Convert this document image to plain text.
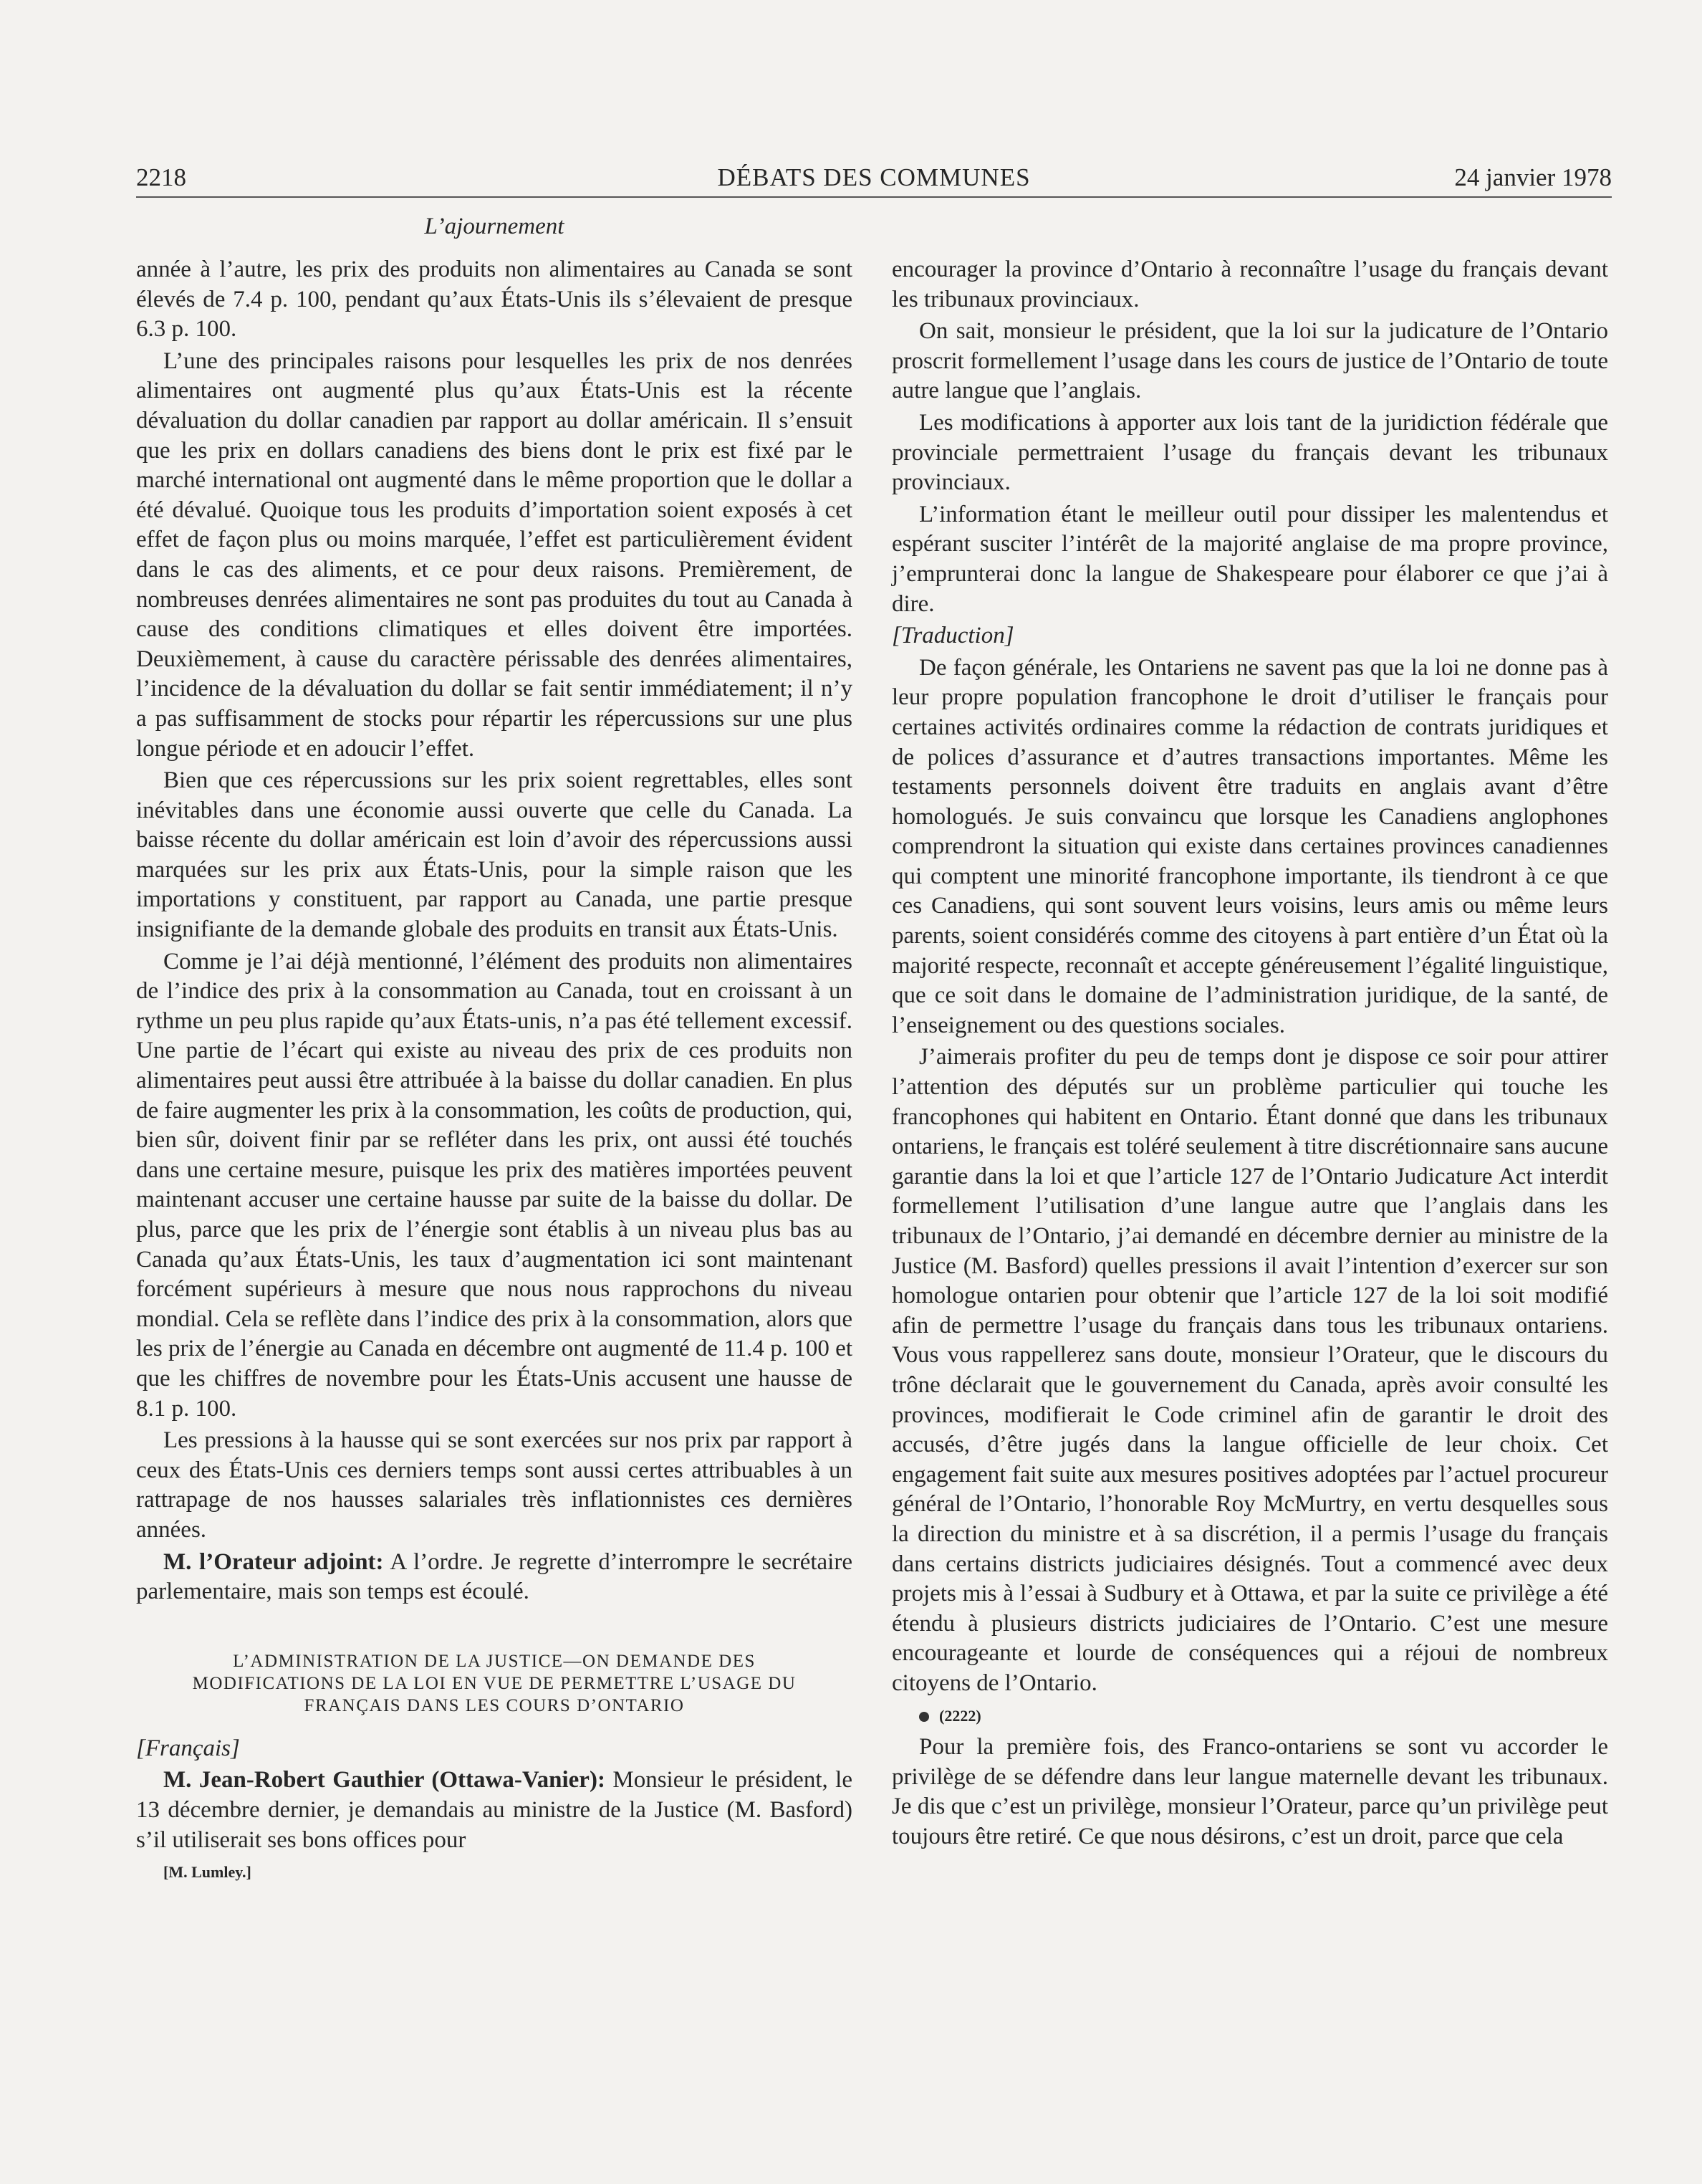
2218	DÉBATS DES COMMUNES	24 janvier 1978
L’ajournement

année à l’autre, les prix des produits non alimentaires au Canada se sont élevés de 7.4 p. 100, pendant qu’aux États-Unis ils s’élevaient de presque 6.3 p. 100.

L’une des principales raisons pour lesquelles les prix de nos denrées alimentaires ont augmenté plus qu’aux États-Unis est la récente dévaluation du dollar canadien par rapport au dollar américain. Il s’ensuit que les prix en dollars canadiens des biens dont le prix est fixé par le marché international ont augmenté dans le même proportion que le dollar a été dévalué. Quoique tous les produits d’importation soient exposés à cet effet de façon plus ou moins marquée, l’effet est particulièrement évident dans le cas des aliments, et ce pour deux raisons. Premièrement, de nombreuses denrées alimentaires ne sont pas produites du tout au Canada à cause des conditions climatiques et elles doivent être importées. Deuxièmement, à cause du caractère périssable des denrées alimentaires, l’incidence de la dévaluation du dollar se fait sentir immédiatement; il n’y a pas suffisamment de stocks pour répartir les répercussions sur une plus longue période et en adoucir l’effet.

Bien que ces répercussions sur les prix soient regrettables, elles sont inévitables dans une économie aussi ouverte que celle du Canada. La baisse récente du dollar américain est loin d’avoir des répercussions aussi marquées sur les prix aux États-Unis, pour la simple raison que les importations y constituent, par rapport au Canada, une partie presque insignifiante de la demande globale des produits en transit aux États-Unis.

Comme je l’ai déjà mentionné, l’élément des produits non alimentaires de l’indice des prix à la consommation au Canada, tout en croissant à un rythme un peu plus rapide qu’aux États-unis, n’a pas été tellement excessif. Une partie de l’écart qui existe au niveau des prix de ces produits non alimentaires peut aussi être attribuée à la baisse du dollar canadien. En plus de faire augmenter les prix à la consommation, les coûts de production, qui, bien sûr, doivent finir par se refléter dans les prix, ont aussi été touchés dans une certaine mesure, puisque les prix des matières importées peuvent maintenant accuser une certaine hausse par suite de la baisse du dollar. De plus, parce que les prix de l’énergie sont établis à un niveau plus bas au Canada qu’aux États-Unis, les taux d’augmentation ici sont maintenant forcément supérieurs à mesure que nous nous rapprochons du niveau mondial. Cela se reflète dans l’indice des prix à la consommation, alors que les prix de l’énergie au Canada en décembre ont augmenté de 11.4 p. 100 et que les chiffres de novembre pour les États-Unis accusent une hausse de 8.1 p. 100.

Les pressions à la hausse qui se sont exercées sur nos prix par rapport à ceux des États-Unis ces derniers temps sont aussi certes attribuables à un rattrapage de nos hausses salariales très inflationnistes ces dernières années.

M. l’Orateur adjoint: A l’ordre. Je regrette d’interrompre le secrétaire parlementaire, mais son temps est écoulé.

L’ADMINISTRATION DE LA JUSTICE—ON DEMANDE DES MODIFICATIONS DE LA LOI EN VUE DE PERMETTRE L’USAGE DU FRANÇAIS DANS LES COURS D’ONTARIO

[Français]

M. Jean-Robert Gauthier (Ottawa-Vanier): Monsieur le président, le 13 décembre dernier, je demandais au ministre de la Justice (M. Basford) s’il utiliserait ses bons offices pour

[M. Lumley.]

encourager la province d’Ontario à reconnaître l’usage du français devant les tribunaux provinciaux.

On sait, monsieur le président, que la loi sur la judicature de l’Ontario proscrit formellement l’usage dans les cours de justice de l’Ontario de toute autre langue que l’anglais.

Les modifications à apporter aux lois tant de la juridiction fédérale que provinciale permettraient l’usage du français devant les tribunaux provinciaux.

L’information étant le meilleur outil pour dissiper les malentendus et espérant susciter l’intérêt de la majorité anglaise de ma propre province, j’emprunterai donc la langue de Shakespeare pour élaborer ce que j’ai à dire.

[Traduction]

De façon générale, les Ontariens ne savent pas que la loi ne donne pas à leur propre population francophone le droit d’utiliser le français pour certaines activités ordinaires comme la rédaction de contrats juridiques et de polices d’assurance et d’autres transactions importantes. Même les testaments personnels doivent être traduits en anglais avant d’être homologués. Je suis convaincu que lorsque les Canadiens anglophones comprendront la situation qui existe dans certaines provinces canadiennes qui comptent une minorité francophone importante, ils tiendront à ce que ces Canadiens, qui sont souvent leurs voisins, leurs amis ou même leurs parents, soient considérés comme des citoyens à part entière d’un État où la majorité respecte, reconnaît et accepte généreusement l’égalité linguistique, que ce soit dans le domaine de l’administration juridique, de la santé, de l’enseignement ou des questions sociales.

J’aimerais profiter du peu de temps dont je dispose ce soir pour attirer l’attention des députés sur un problème particulier qui touche les francophones qui habitent en Ontario. Étant donné que dans les tribunaux ontariens, le français est toléré seulement à titre discrétionnaire sans aucune garantie dans la loi et que l’article 127 de l’Ontario Judicature Act interdit formellement l’utilisation d’une langue autre que l’anglais dans les tribunaux de l’Ontario, j’ai demandé en décembre dernier au ministre de la Justice (M. Basford) quelles pressions il avait l’intention d’exercer sur son homologue ontarien pour obtenir que l’article 127 de la loi soit modifié afin de permettre l’usage du français dans tous les tribunaux ontariens. Vous vous rappellerez sans doute, monsieur l’Orateur, que le discours du trône déclarait que le gouvernement du Canada, après avoir consulté les provinces, modifierait le Code criminel afin de garantir le droit des accusés, d’être jugés dans la langue officielle de leur choix. Cet engagement fait suite aux mesures positives adoptées par l’actuel procureur général de l’Ontario, l’honorable Roy McMurtry, en vertu desquelles sous la direction du ministre et à sa discrétion, il a permis l’usage du français dans certains districts judiciaires désignés. Tout a commencé avec deux projets mis à l’essai à Sudbury et à Ottawa, et par la suite ce privilège a été étendu à plusieurs districts judiciaires de l’Ontario. C’est une mesure encourageante et lourde de conséquences qui a réjoui de nombreux citoyens de l’Ontario.

(2222)

Pour la première fois, des Franco-ontariens se sont vu accorder le privilège de se défendre dans leur langue maternelle devant les tribunaux. Je dis que c’est un privilège, monsieur l’Orateur, parce qu’un privilège peut toujours être retiré. Ce que nous désirons, c’est un droit, parce que cela
